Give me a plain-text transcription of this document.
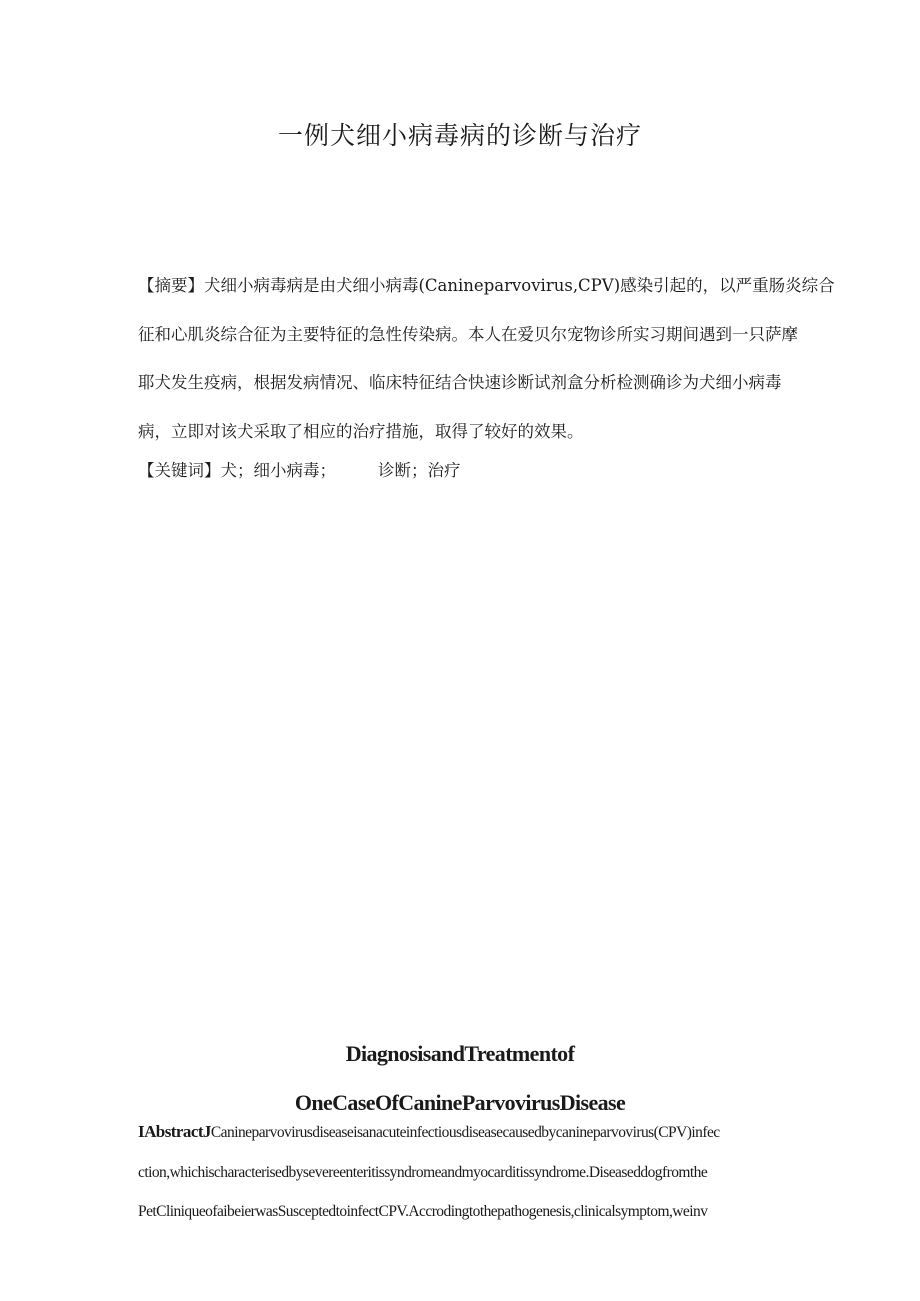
一例犬细小病毒病的诊断与治疗
【摘要】犬细小病毒病是由犬细小病毒(Canineparvovirus,CPV)感染引起的，以严重肠炎综合
征和心肌炎综合征为主要特征的急性传染病。本人在爱贝尔宠物诊所实习期间遇到一只萨摩
耶犬发生疫病，根据发病情况、临床特征结合快速诊断试剂盒分析检测确诊为犬细小病毒
病，立即对该犬采取了相应的治疗措施，取得了较好的效果。
【关键词】犬；细小病毒；	诊断；治疗
DiagnosisandTreatmentof
OneCaseOfCanineParvovirusDisease
IAbstractJCanineparvovirusdiseaseisanacuteinfectiousdiseasecausedbycanineparvovirus(CPV)infec
ction,whichischaracterisedbysevereenteritissyndromeandmyocarditissyndrome.Diseaseddogfromthe
PetCliniqueofaibeierwasSusceptedtoinfectCPV.Accrodingtothepathogenesis,clinicalsymptom,weinv
